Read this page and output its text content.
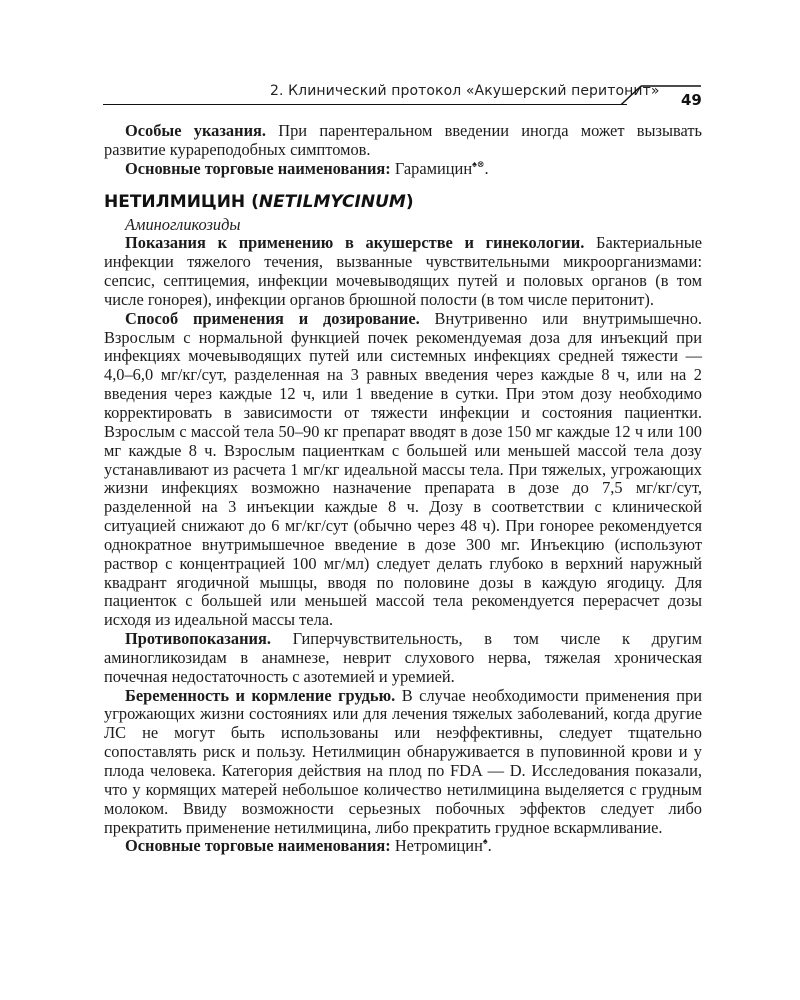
2. Клинический протокол «Акушерский перитонит» 49

Особые указания. При парентеральном введении иногда может вызывать развитие курареподобных симптомов.

Основные торговые наименования: Гарамицин♠⊗.

НЕТИЛМИЦИН (NETILMYCINUM)

Аминогликозиды

Показания к применению в акушерстве и гинекологии. Бактериальные инфекции тяжелого течения, вызванные чувствительными микроорганизмами: сепсис, септицемия, инфекции мочевыводящих путей и половых органов (в том числе гонорея), инфекции органов брюшной полости (в том числе перитонит).

Способ применения и дозирование. Внутривенно или внутримышечно. Взрослым с нормальной функцией почек рекомендуемая доза для инъекций при инфекциях мочевыводящих путей или системных инфекциях средней тяжести — 4,0–6,0 мг/кг/сут, разделенная на 3 равных введения через каждые 8 ч, или на 2 введения через каждые 12 ч, или 1 введение в сутки. При этом дозу необходимо корректировать в зависимости от тяжести инфекции и состояния пациентки. Взрослым с массой тела 50–90 кг препарат вводят в дозе 150 мг каждые 12 ч или 100 мг каждые 8 ч. Взрослым пациенткам с большей или меньшей массой тела дозу устанавливают из расчета 1 мг/кг идеальной массы тела. При тяжелых, угрожающих жизни инфекциях возможно назначение препарата в дозе до 7,5 мг/кг/сут, разделенной на 3 инъекции каждые 8 ч. Дозу в соответствии с клинической ситуацией снижают до 6 мг/кг/сут (обычно через 48 ч). При гонорее рекомендуется однократное внутримышечное введение в дозе 300 мг. Инъекцию (используют раствор с концентрацией 100 мг/мл) следует делать глубоко в верхний наружный квадрант ягодичной мышцы, вводя по половине дозы в каждую ягодицу. Для пациенток с большей или меньшей массой тела рекомендуется перерасчет дозы исходя из идеальной массы тела.

Противопоказания. Гиперчувствительность, в том числе к другим аминогликозидам в анамнезе, неврит слухового нерва, тяжелая хроническая почечная недостаточность с азотемией и уремией.

Беременность и кормление грудью. В случае необходимости применения при угрожающих жизни состояниях или для лечения тяжелых заболеваний, когда другие ЛС не могут быть использованы или неэффективны, следует тщательно сопоставлять риск и пользу. Нетилмицин обнаруживается в пуповинной крови и у плода человека. Категория действия на плод по FDA — D. Исследования показали, что у кормящих матерей небольшое количество нетилмицина выделяется с грудным молоком. Ввиду возможности серьезных побочных эффектов следует либо прекратить применение нетилмицина, либо прекратить грудное вскармливание.

Основные торговые наименования: Нетромицин♠.
